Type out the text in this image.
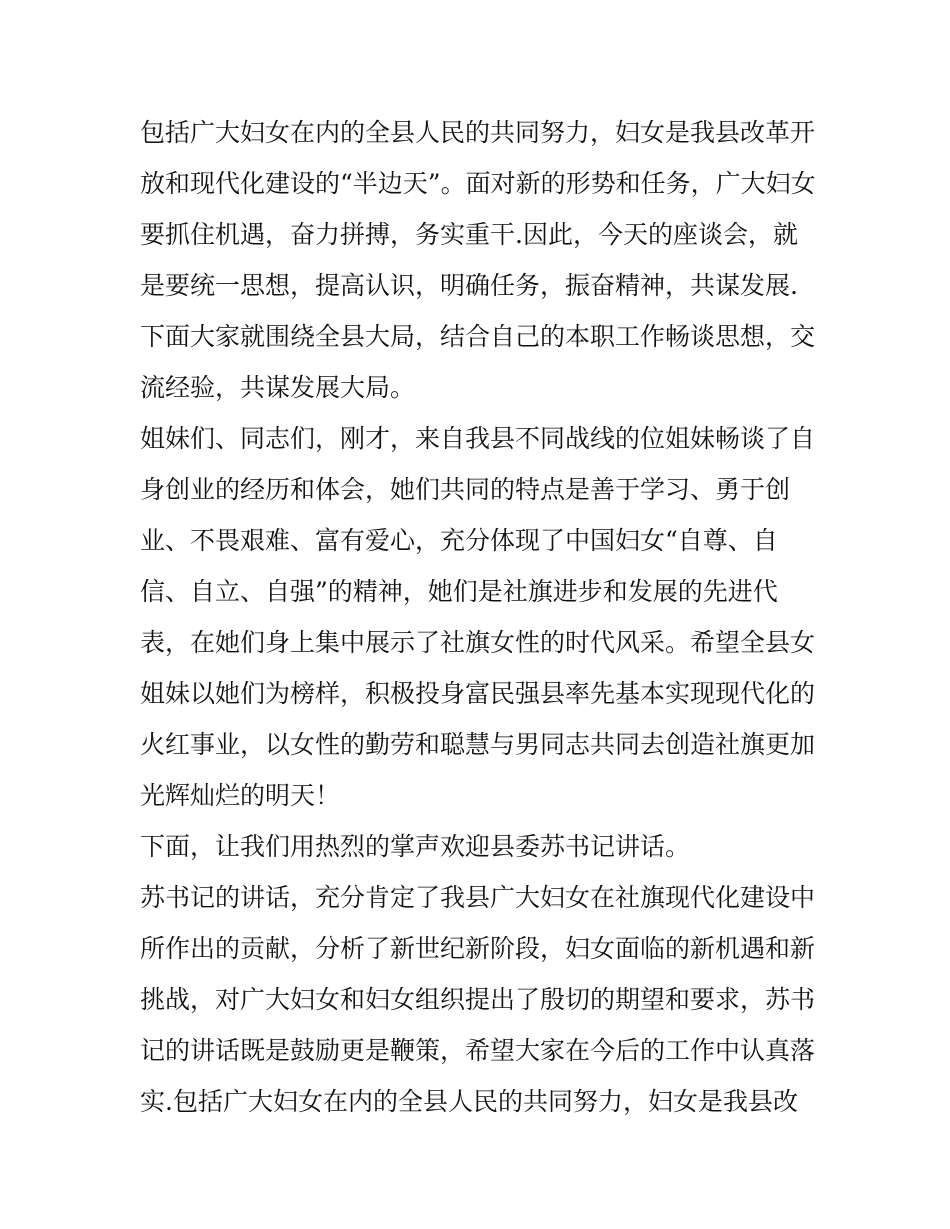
包括广大妇女在内的全县人民的共同努力，妇女是我县改革开
放和现代化建设的“半边天”。面对新的形势和任务，广大妇女
要抓住机遇，奋力拼搏，务实重干.因此，今天的座谈会，就
是要统一思想，提高认识，明确任务，振奋精神，共谋发展.
下面大家就围绕全县大局，结合自己的本职工作畅谈思想，交
流经验，共谋发展大局。
姐妹们、同志们，刚才，来自我县不同战线的位姐妹畅谈了自
身创业的经历和体会，她们共同的特点是善于学习、勇于创
业、不畏艰难、富有爱心，充分体现了中国妇女“自尊、自
信、自立、自强”的精神，她们是社旗进步和发展的先进代
表，在她们身上集中展示了社旗女性的时代风采。希望全县女
姐妹以她们为榜样，积极投身富民强县率先基本实现现代化的
火红事业，以女性的勤劳和聪慧与男同志共同去创造社旗更加
光辉灿烂的明天！
下面，让我们用热烈的掌声欢迎县委苏书记讲话。
苏书记的讲话，充分肯定了我县广大妇女在社旗现代化建设中
所作出的贡献，分析了新世纪新阶段，妇女面临的新机遇和新
挑战，对广大妇女和妇女组织提出了殷切的期望和要求，苏书
记的讲话既是鼓励更是鞭策，希望大家在今后的工作中认真落
实.包括广大妇女在内的全县人民的共同努力，妇女是我县改
